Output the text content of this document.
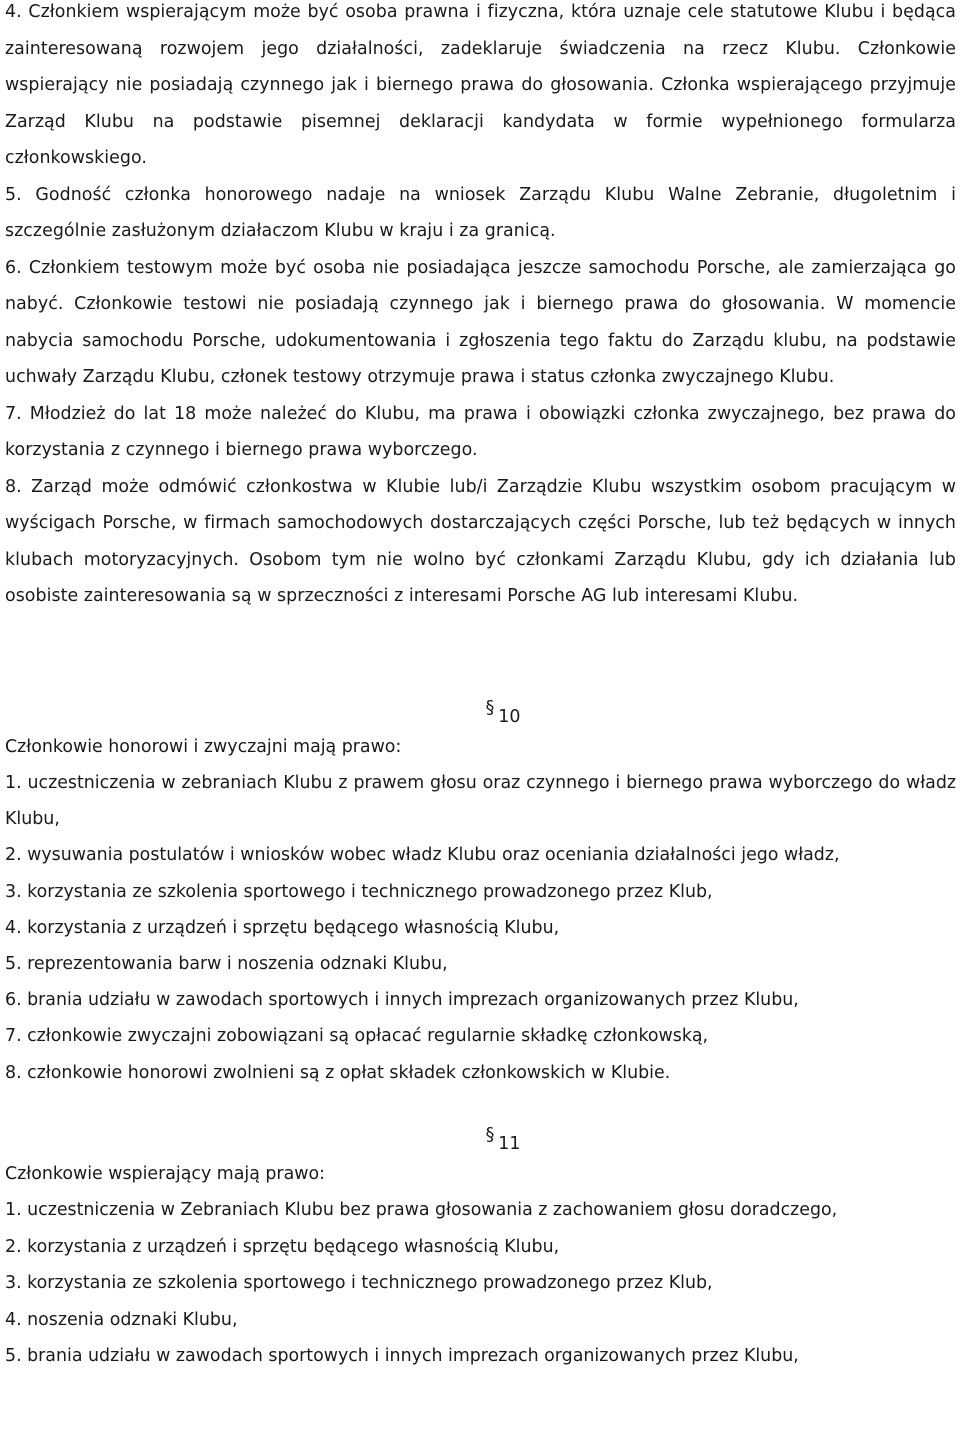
4. Członkiem wspierającym może być osoba prawna i fizyczna, która uznaje cele statutowe Klubu i będąca zainteresowaną rozwojem jego działalności, zadeklaruje świadczenia na rzecz Klubu. Członkowie wspierający nie posiadają czynnego jak i biernego prawa do głosowania. Członka wspierającego przyjmuje Zarząd Klubu na podstawie pisemnej deklaracji kandydata w formie wypełnionego formularza członkowskiego.

5. Godność członka honorowego nadaje na wniosek Zarządu Klubu Walne Zebranie, długoletnim i szczególnie zasłużonym działaczom Klubu w kraju i za granicą.

6. Członkiem testowym może być osoba nie posiadająca jeszcze samochodu Porsche, ale zamierzająca go nabyć. Członkowie testowi nie posiadają czynnego jak i biernego prawa do głosowania. W momencie nabycia samochodu Porsche, udokumentowania i zgłoszenia tego faktu do Zarządu klubu, na podstawie uchwały Zarządu Klubu, członek testowy otrzymuje prawa i status członka zwyczajnego Klubu.

7. Młodzież do lat 18 może należeć do Klubu, ma prawa i obowiązki członka zwyczajnego, bez prawa do korzystania z czynnego i biernego prawa wyborczego.

8. Zarząd może odmówić członkostwa w Klubie lub/i Zarządzie Klubu wszystkim osobom pracującym w wyścigach Porsche, w firmach samochodowych dostarczających części Porsche, lub też będących w innych klubach motoryzacyjnych. Osobom tym nie wolno być członkami Zarządu Klubu, gdy ich działania lub osobiste zainteresowania są w sprzeczności z interesami Porsche AG lub interesami Klubu.

§ 10

Członkowie honorowi i zwyczajni mają prawo:

1. uczestniczenia w zebraniach Klubu z prawem głosu oraz czynnego i biernego prawa wyborczego do władz Klubu,

2. wysuwania postulatów i wniosków wobec władz Klubu oraz oceniania działalności jego władz,

3. korzystania ze szkolenia sportowego i technicznego prowadzonego przez Klub,

4. korzystania z urządzeń i sprzętu będącego własnością Klubu,

5. reprezentowania barw i noszenia odznaki Klubu,

6. brania udziału w zawodach sportowych i innych imprezach organizowanych przez Klubu,

7. członkowie zwyczajni zobowiązani są opłacać regularnie składkę członkowską,

8. członkowie honorowi zwolnieni są z opłat składek członkowskich w Klubie.

§ 11

Członkowie wspierający mają prawo:

1. uczestniczenia w Zebraniach Klubu bez prawa głosowania z zachowaniem głosu doradczego,

2. korzystania z urządzeń i sprzętu będącego własnością Klubu,

3. korzystania ze szkolenia sportowego i technicznego prowadzonego przez Klub,

4. noszenia odznaki Klubu,

5. brania udziału w zawodach sportowych i innych imprezach organizowanych przez Klubu,
